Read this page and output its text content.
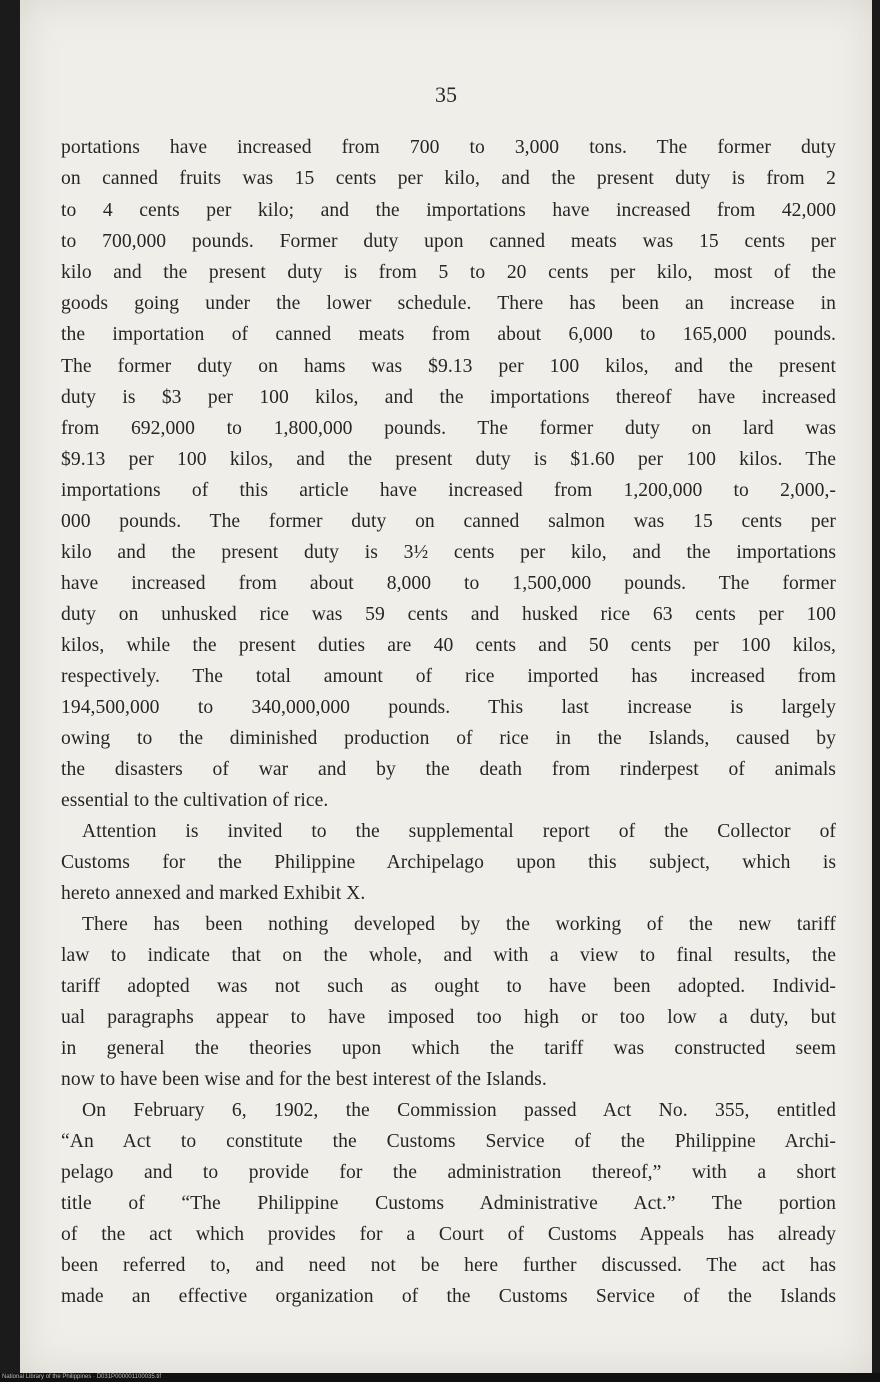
35
portations have increased from 700 to 3,000 tons. The former duty
on canned fruits was 15 cents per kilo, and the present duty is from 2
to 4 cents per kilo; and the importations have increased from 42,000
to 700,000 pounds. Former duty upon canned meats was 15 cents per
kilo and the present duty is from 5 to 20 cents per kilo, most of the
goods going under the lower schedule. There has been an increase in
the importation of canned meats from about 6,000 to 165,000 pounds.
The former duty on hams was $9.13 per 100 kilos, and the present
duty is $3 per 100 kilos, and the importations thereof have increased
from 692,000 to 1,800,000 pounds. The former duty on lard was
$9.13 per 100 kilos, and the present duty is $1.60 per 100 kilos. The
importations of this article have increased from 1,200,000 to 2,000,-
000 pounds. The former duty on canned salmon was 15 cents per
kilo and the present duty is 3½ cents per kilo, and the importations
have increased from about 8,000 to 1,500,000 pounds. The former
duty on unhusked rice was 59 cents and husked rice 63 cents per 100
kilos, while the present duties are 40 cents and 50 cents per 100 kilos,
respectively. The total amount of rice imported has increased from
194,500,000 to 340,000,000 pounds. This last increase is largely
owing to the diminished production of rice in the Islands, caused by
the disasters of war and by the death from rinderpest of animals
essential to the cultivation of rice.
Attention is invited to the supplemental report of the Collector of
Customs for the Philippine Archipelago upon this subject, which is
hereto annexed and marked Exhibit X.
There has been nothing developed by the working of the new tariff
law to indicate that on the whole, and with a view to final results, the
tariff adopted was not such as ought to have been adopted. Individ-
ual paragraphs appear to have imposed too high or too low a duty, but
in general the theories upon which the tariff was constructed seem
now to have been wise and for the best interest of the Islands.
On February 6, 1902, the Commission passed Act No. 355, entitled
“An Act to constitute the Customs Service of the Philippine Archi-
pelago and to provide for the administration thereof,” with a short
title of “The Philippine Customs Administrative Act.” The portion
of the act which provides for a Court of Customs Appeals has already
been referred to, and need not be here further discussed. The act has
made an effective organization of the Customs Service of the Islands
National Library of the Philippines · D031P000001100035.tif
